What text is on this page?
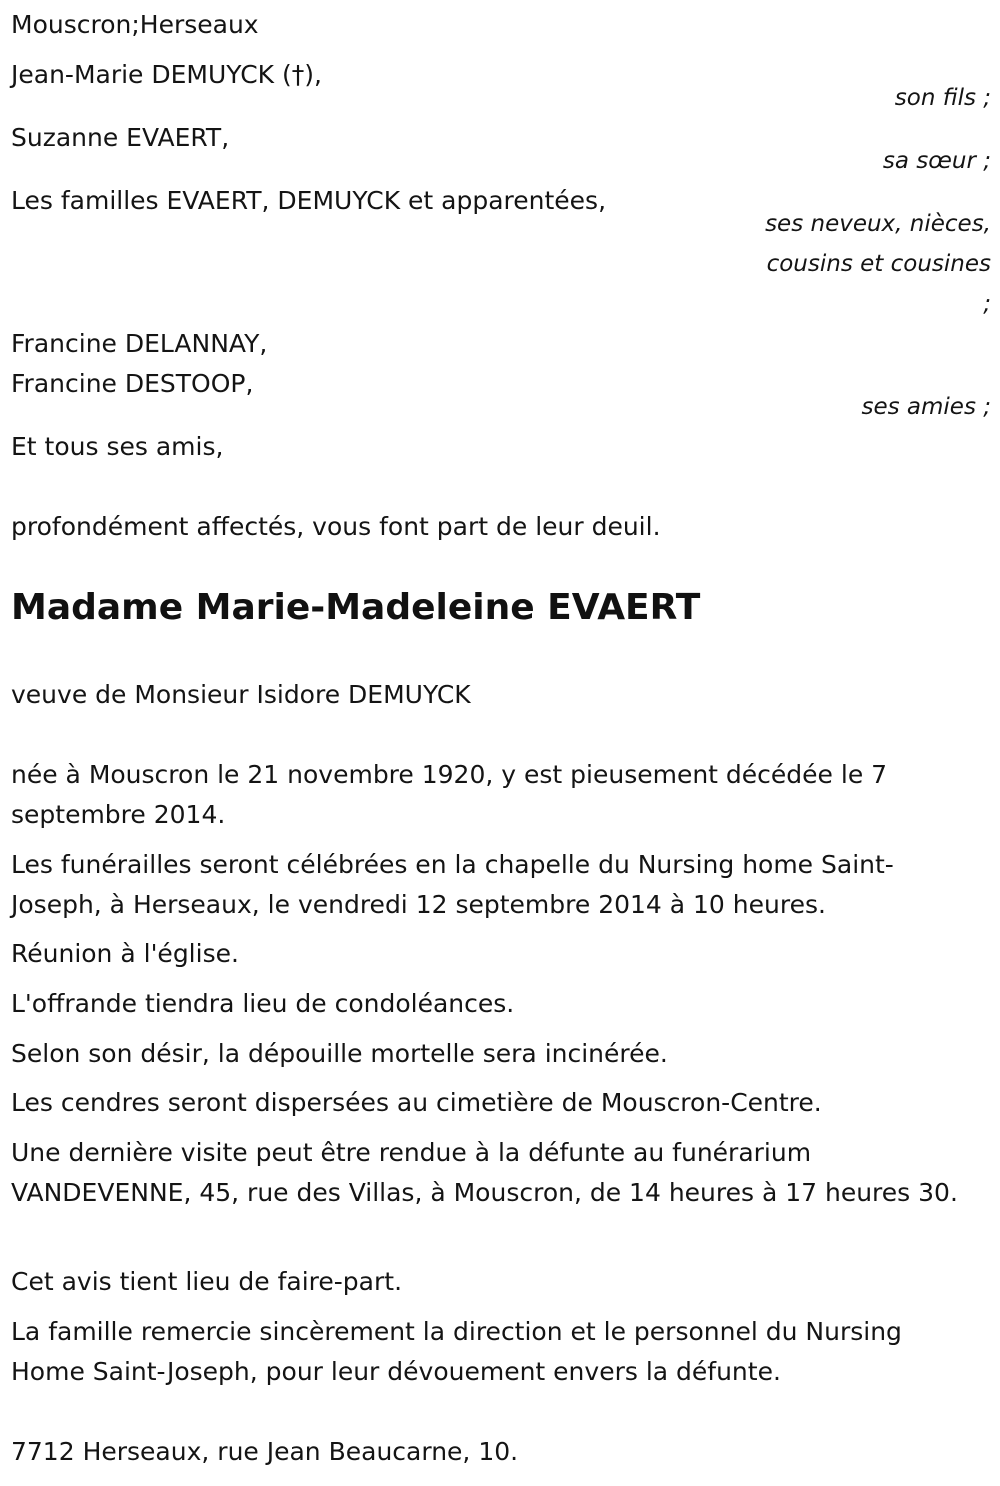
Mouscron;Herseaux
Jean-Marie DEMUYCK (†),
son fils ;
Suzanne EVAERT,
sa sœur ;
Les familles EVAERT, DEMUYCK et apparentées,
ses neveux, nièces,
cousins et cousines
;
Francine DELANNAY,
Francine DESTOOP,
ses amies ;
Et tous ses amis,
profondément affectés, vous font part de leur deuil.
Madame Marie-Madeleine EVAERT
veuve de Monsieur Isidore DEMUYCK
née à Mouscron le 21 novembre 1920, y est pieusement décédée le 7 septembre 2014.
Les funérailles seront célébrées en la chapelle du Nursing home Saint-Joseph, à Herseaux, le vendredi 12 septembre 2014 à 10 heures.
Réunion à l'église.
L'offrande tiendra lieu de condoléances.
Selon son désir, la dépouille mortelle sera incinérée.
Les cendres seront dispersées au cimetière de Mouscron-Centre.
Une dernière visite peut être rendue à la défunte au funérarium VANDEVENNE, 45, rue des Villas, à Mouscron, de 14 heures à 17 heures 30.
Cet avis tient lieu de faire-part.
La famille remercie sincèrement la direction et le personnel du Nursing Home Saint-Joseph, pour leur dévouement envers la défunte.
7712 Herseaux, rue Jean Beaucarne, 10.
